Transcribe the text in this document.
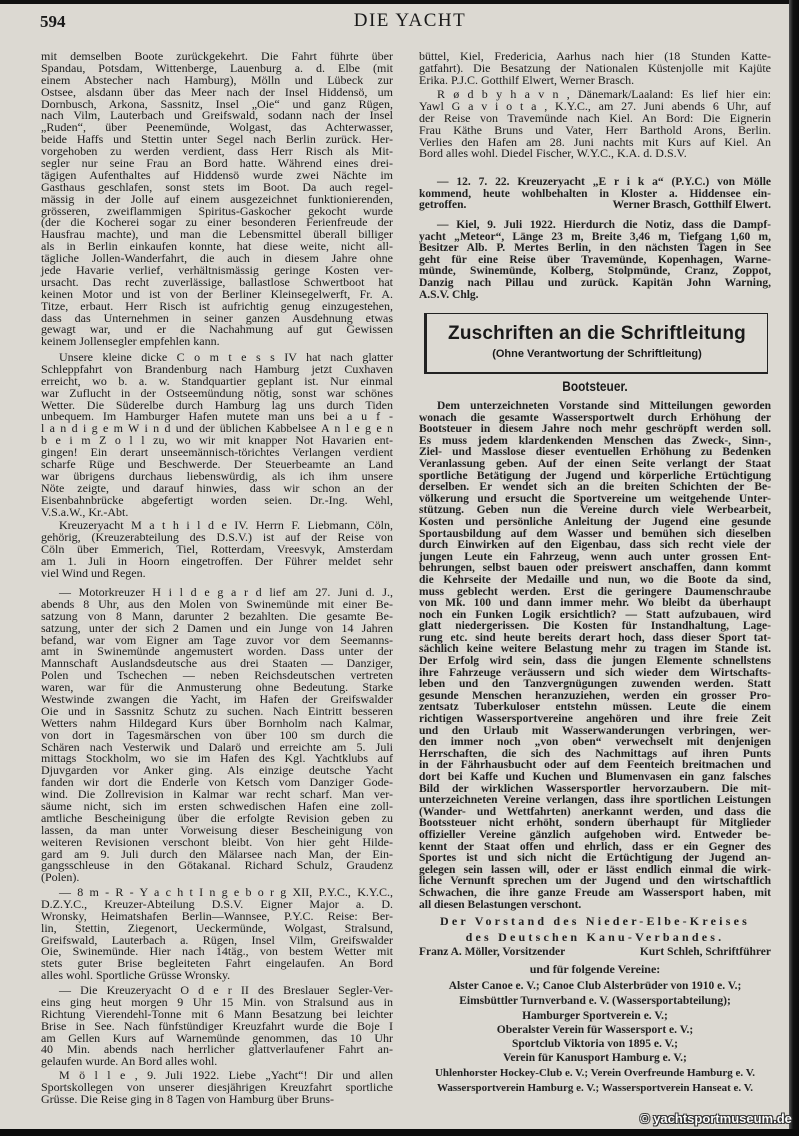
594	DIE YACHT
mit demselben Boote zurückgekehrt. Die Fahrt führte über
Spandau, Potsdam, Wittenberge, Lauenburg a. d. Elbe (mit
einem Abstecher nach Hamburg), Mölln und Lübeck zur
Ostsee, alsdann über das Meer nach der Insel Hiddensö, um
Dornbusch, Arkona, Sassnitz, Insel „Oie“ und ganz Rügen,
nach Vilm, Lauterbach und Greifswald, sodann nach der Insel
„Ruden“, über Peenemünde, Wolgast, das Achterwasser,
beide Haffs und Stettin unter Segel nach Berlin zurück. Her-
vorgehoben zu werden verdient, dass Herr Risch als Mit-
segler nur seine Frau an Bord hatte. Während eines drei-
tägigen Aufenthaltes auf Hiddensö wurde zwei Nächte im
Gasthaus geschlafen, sonst stets im Boot. Da auch regel-
mässig in der Jolle auf einem ausgezeichnet funktionierenden,
grösseren, zweiflammigen Spiritus-Gaskocher gekocht wurde
(der die Kocherei sogar zu einer besonderen Ferienfreude der
Hausfrau machte), und man die Lebensmittel überall billiger
als in Berlin einkaufen konnte, hat diese weite, nicht all-
tägliche Jollen-Wanderfahrt, die auch in diesem Jahre ohne
jede Havarie verlief, verhältnismässig geringe Kosten ver-
ursacht. Das recht zuverlässige, ballastlose Schwertboot hat
keinen Motor und ist von der Berliner Kleinsegelwerft, Fr. A.
Titze, erbaut. Herr Risch ist aufrichtig genug einzugestehen,
dass das Unternehmen in seiner ganzen Ausdehnung etwas
gewagt war, und er die Nachahmung auf gut Gewissen
keinem Jollensegler empfehlen kann.
Unsere kleine dicke C o m t e s s IV hat nach glatter
Schleppfahrt von Brandenburg nach Hamburg jetzt Cuxhaven
erreicht, wo b. a. w. Standquartier geplant ist. Nur einmal
war Zuflucht in der Ostseemündung nötig, sonst war schönes
Wetter. Die Süderelbe durch Hamburg lag uns durch Tiden
unbequem. Im Hamburger Hafen mutete man uns bei a u f -
l a n d i g e m W i n d und der üblichen Kabbelsee A n l e g e n
b e i m Z o l l zu, wo wir mit knapper Not Havarien ent-
gingen! Ein derart unseemännisch-törichtes Verlangen verdient
scharfe Rüge und Beschwerde. Der Steuerbeamte an Land
war übrigens durchaus liebenswürdig, als ich ihm unsere
Nöte zeigte, und darauf hinwies, dass wir schon an der
Eisenbahnbrücke abgefertigt worden seien. Dr.-Ing. Wehl,
V.S.a.W., Kr.-Abt.
Kreuzeryacht M a t h i l d e IV. Herrn F. Liebmann, Cöln,
gehörig, (Kreuzerabteilung des D.S.V.) ist auf der Reise von
Cöln über Emmerich, Tiel, Rotterdam, Vreesvyk, Amsterdam
am 1. Juli in Hoorn eingetroffen. Der Führer meldet sehr
viel Wind und Regen.
— Motorkreuzer H i l d e g a r d lief am 27. Juni d. J.,
abends 8 Uhr, aus den Molen von Swinemünde mit einer Be-
satzung von 8 Mann, darunter 2 bezahlten. Die gesamte Be-
satzung, unter der sich 2 Damen und ein Junge von 14 Jahren
befand, war vom Eigner am Tage zuvor vor dem Seemanns-
amt in Swinemünde angemustert worden. Dass unter der
Mannschaft Auslandsdeutsche aus drei Staaten — Danziger,
Polen und Tschechen — neben Reichsdeutschen vertreten
waren, war für die Anmusterung ohne Bedeutung. Starke
Westwinde zwangen die Yacht, im Hafen der Greifswalder
Oie und in Sassnitz Schutz zu suchen. Nach Eintritt besseren
Wetters nahm Hildegard Kurs über Bornholm nach Kalmar,
von dort in Tagesmärschen von über 100 sm durch die
Schären nach Vesterwik und Dalarö und erreichte am 5. Juli
mittags Stockholm, wo sie im Hafen des Kgl. Yachtklubs auf
Djuvgarden vor Anker ging. Als einzige deutsche Yacht
fanden wir dort die Enderle von Ketsch vom Danziger Gode-
wind. Die Zollrevision in Kalmar war recht scharf. Man ver-
säume nicht, sich im ersten schwedischen Hafen eine zoll-
amtliche Bescheinigung über die erfolgte Revision geben zu
lassen, da man unter Vorweisung dieser Bescheinigung von
weiteren Revisionen verschont bleibt. Von hier geht Hilde-
gard am 9. Juli durch den Mälarsee nach Man, der Ein-
gangsschleuse in den Götakanal. Richard Schulz, Graudenz
(Polen).
— 8 m - R - Y a c h t I n g e b o r g XII, P.Y.C., K.Y.C.,
D.Z.Y.C., Kreuzer-Abteilung D.S.V. Eigner Major a. D.
Wronsky, Heimatshafen Berlin—Wannsee, P.Y.C. Reise: Ber-
lin, Stettin, Ziegenort, Ueckermünde, Wolgast, Stralsund,
Greifswald, Lauterbach a. Rügen, Insel Vilm, Greifswalder
Oie, Swinemünde. Hier nach 14täg., von bestem Wetter mit
stets guter Brise begleiteten Fahrt eingelaufen. An Bord
alles wohl. Sportliche Grüsse Wronsky.
— Die Kreuzeryacht O d e r II des Breslauer Segler-Ver-
eins ging heut morgen 9 Uhr 15 Min. von Stralsund aus in
Richtung Vierendehl-Tonne mit 6 Mann Besatzung bei leichter
Brise in See. Nach fünfstündiger Kreuzfahrt wurde die Boje I
am Gellen Kurs auf Warnemünde genommen, das 10 Uhr
40 Min. abends nach herrlicher glattverlaufener Fahrt an-
gelaufen wurde. An Bord alles wohl.
M ö l l e , 9. Juli 1922. Liebe „Yacht“! Dir und allen
Sportskollegen von unserer diesjährigen Kreuzfahrt sportliche
Grüsse. Die Reise ging in 8 Tagen von Hamburg über Bruns-
büttel, Kiel, Fredericia, Aarhus nach hier (18 Stunden Katte-
gatfahrt). Die Besatzung der Nationalen Küstenjolle mit Kajüte
Erika. P.J.C. Gotthilf Elwert, Werner Brasch.
R ø d b y h a v n , Dänemark/Laaland: Es lief hier ein:
Yawl G a v i o t a , K.Y.C., am 27. Juni abends 6 Uhr, auf
der Reise von Travemünde nach Kiel. An Bord: Die Eignerin
Frau Käthe Bruns und Vater, Herr Barthold Arons, Berlin.
Verlies den Hafen am 28. Juni nachts mit Kurs auf Kiel. An
Bord alles wohl. Diedel Fischer, W.Y.C., K.A. d. D.S.V.
— 12. 7. 22. Kreuzeryacht „E r i k a“ (P.Y.C.) von Mölle
kommend, heute wohlbehalten in Kloster a. Hiddensee ein-
getroffen.	Werner Brasch, Gotthilf Elwert.
— Kiel, 9. Juli 1922. Hierdurch die Notiz, dass die Dampf-
yacht „Meteor“, Länge 23 m, Breite 3,46 m, Tiefgang 1,60 m,
Besitzer Alb. P. Mertes Berlin, in den nächsten Tagen in See
geht für eine Reise über Travemünde, Kopenhagen, Warne-
münde, Swinemünde, Kolberg, Stolpmünde, Cranz, Zoppot,
Danzig nach Pillau und zurück. Kapitän John Warning,
A.S.V. Chlg.
Zuschriften an die Schriftleitung
(Ohne Verantwortung der Schriftleitung)
Bootsteuer.
Dem unterzeichneten Vorstande sind Mitteilungen geworden
wonach die gesamte Wassersportwelt durch Erhöhung der
Bootsteuer in diesem Jahre noch mehr geschröpft werden soll.
Es muss jedem klardenkenden Menschen das Zweck-, Sinn-,
Ziel- und Masslose dieser eventuellen Erhöhung zu Bedenken
Veranlassung geben. Auf der einen Seite verlangt der Staat
sportliche Betätigung der Jugend und körperliche Ertüchtigung
derselben. Er wendet sich an die breiten Schichten der Be-
völkerung und ersucht die Sportvereine um weitgehende Unter-
stützung. Geben nun die Vereine durch viele Werbearbeit,
Kosten und persönliche Anleitung der Jugend eine gesunde
Sportausbildung auf dem Wasser und bemühen sich dieselben
durch Einwirken auf den Eigenbau, dass sich recht viele der
jungen Leute ein Fahrzeug, wenn auch unter grossen Ent-
behrungen, selbst bauen oder preiswert anschaffen, dann kommt
die Kehrseite der Medaille und nun, wo die Boote da sind,
muss geblecht werden. Erst die geringere Daumenschraube
von Mk. 100 und dann immer mehr. Wo bleibt da überhaupt
noch ein Funken Logik ersichtlich? — Statt aufzubauen, wird
glatt niedergerissen. Die Kosten für Instandhaltung, Lage-
rung etc. sind heute bereits derart hoch, dass dieser Sport tat-
sächlich keine weitere Belastung mehr zu tragen im Stande ist.
Der Erfolg wird sein, dass die jungen Elemente schnellstens
ihre Fahrzeuge veräussern und sich wieder dem Wirtschafts-
leben und den Tanzvergnügungen zuwenden werden. Statt
gesunde Menschen heranzuziehen, werden ein grosser Pro-
zentsatz Tuberkuloser entstehn müssen. Leute die einem
richtigen Wassersportvereine angehören und ihre freie Zeit
und den Urlaub mit Wasserwanderungen verbringen, wer-
den immer noch „von oben“ verwechselt mit denjenigen
Herrschaften, die sich des Nachmittags auf ihren Punts
in der Fährhausbucht oder auf dem Feenteich breitmachen und
dort bei Kaffe und Kuchen und Blumenvasen ein ganz falsches
Bild der wirklichen Wassersportler hervorzaubern. Die mit-
unterzeichneten Vereine verlangen, dass ihre sportlichen Leistungen
(Wander- und Wettfahrten) anerkannt werden, und dass die
Bootssteuer nicht erhöht, sondern überhaupt für Mitglieder
offizieller Vereine gänzlich aufgehoben wird. Entweder be-
kennt der Staat offen und ehrlich, dass er ein Gegner des
Sportes ist und sich nicht die Ertüchtigung der Jugend an-
gelegen sein lassen will, oder er lässt endlich einmal die wirk-
liche Vernunft sprechen um der Jugend und den wirtschaftlich
Schwachen, die ihre ganze Freude am Wassersport haben, mit
all diesen Belastungen verschont.
Der Vorstand des Nieder-Elbe-Kreises
des Deutschen Kanu-Verbandes.
Franz A. Möller, Vorsitzender	Kurt Schleh, Schriftführer
und für folgende Vereine:
Alster Canoe e. V.; Canoe Club Alsterbrüder von 1910 e. V.;
Eimsbüttler Turnverband e. V. (Wassersportabteilung);
Hamburger Sportverein e. V.;
Oberalster Verein für Wassersport e. V.;
Sportclub Viktoria von 1895 e. V.;
Verein für Kanusport Hamburg e. V.;
Uhlenhorster Hockey-Club e. V.; Verein Overfreunde Hamburg e. V.
Wassersportverein Hamburg e. V.; Wassersportverein Hanseat e. V.
© yachtsportmuseum.de
